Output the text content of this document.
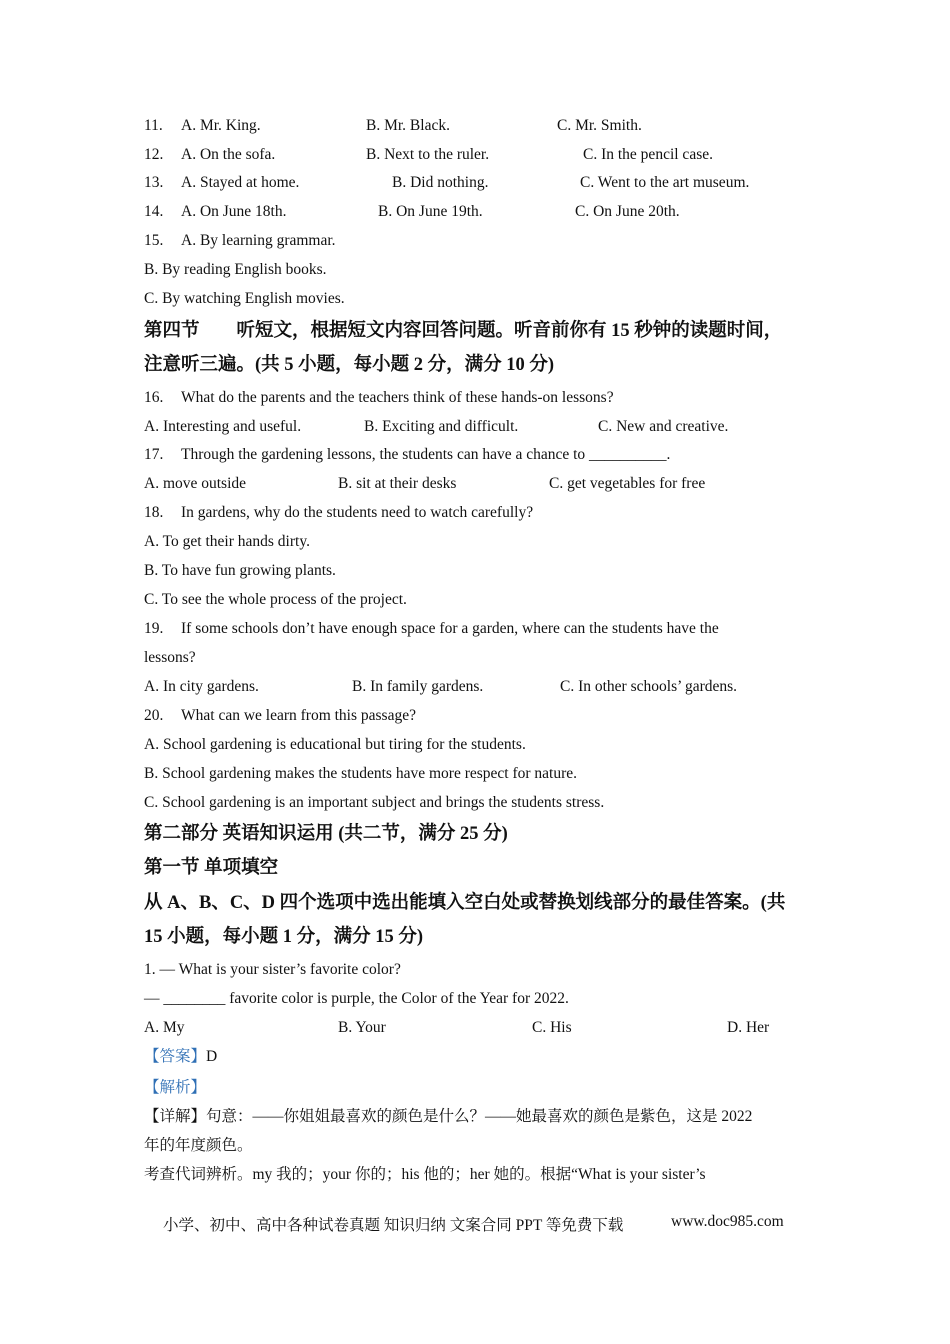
11. A. Mr. King.	B. Mr. Black.	C. Mr. Smith.
12. A. On the sofa.	B. Next to the ruler.	C. In the pencil case.
13. A. Stayed at home.	B. Did nothing.	C. Went to the art museum.
14. A. On June 18th.	B. On June 19th.	C. On June 20th.
15. A. By learning grammar.
B. By reading English books.
C. By watching English movies.
第四节　　听短文，根据短文内容回答问题。听音前你有 15 秒钟的读题时间，
注意听三遍。(共 5 小题，每小题 2 分，满分 10 分)
16. What do the parents and the teachers think of these hands-on lessons?
A. Interesting and useful.	B. Exciting and difficult.	C. New and creative.
17. Through the gardening lessons, the students can have a chance to __________.
A. move outside	B. sit at their desks	C. get vegetables for free
18. In gardens, why do the students need to watch carefully?
A. To get their hands dirty.
B. To have fun growing plants.
C. To see the whole process of the project.
19. If some schools don’t have enough space for a garden, where can the students have the
lessons?
A. In city gardens.	B. In family gardens.	C. In other schools’ gardens.
20. What can we learn from this passage?
A. School gardening is educational but tiring for the students.
B. School gardening makes the students have more respect for nature.
C. School gardening is an important subject and brings the students stress.
第二部分 英语知识运用 (共二节，满分 25 分)
第一节 单项填空
从 A、B、C、D 四个选项中选出能填入空白处或替换划线部分的最佳答案。(共
15 小题，每小题 1 分，满分 15 分)
1. — What is your sister’s favorite color?
— ________ favorite color is purple, the Color of the Year for 2022.
A. My	B. Your	C. His	D. Her
【答案】D
【解析】
【详解】句意：——你姐姐最喜欢的颜色是什么？——她最喜欢的颜色是紫色，这是 2022
年的年度颜色。
考查代词辨析。my 我的；your 你的；his 他的；her 她的。根据“What is your sister’s
小学、初中、高中各种试卷真题 知识归纳 文案合同 PPT 等免费下载	www.doc985.com
